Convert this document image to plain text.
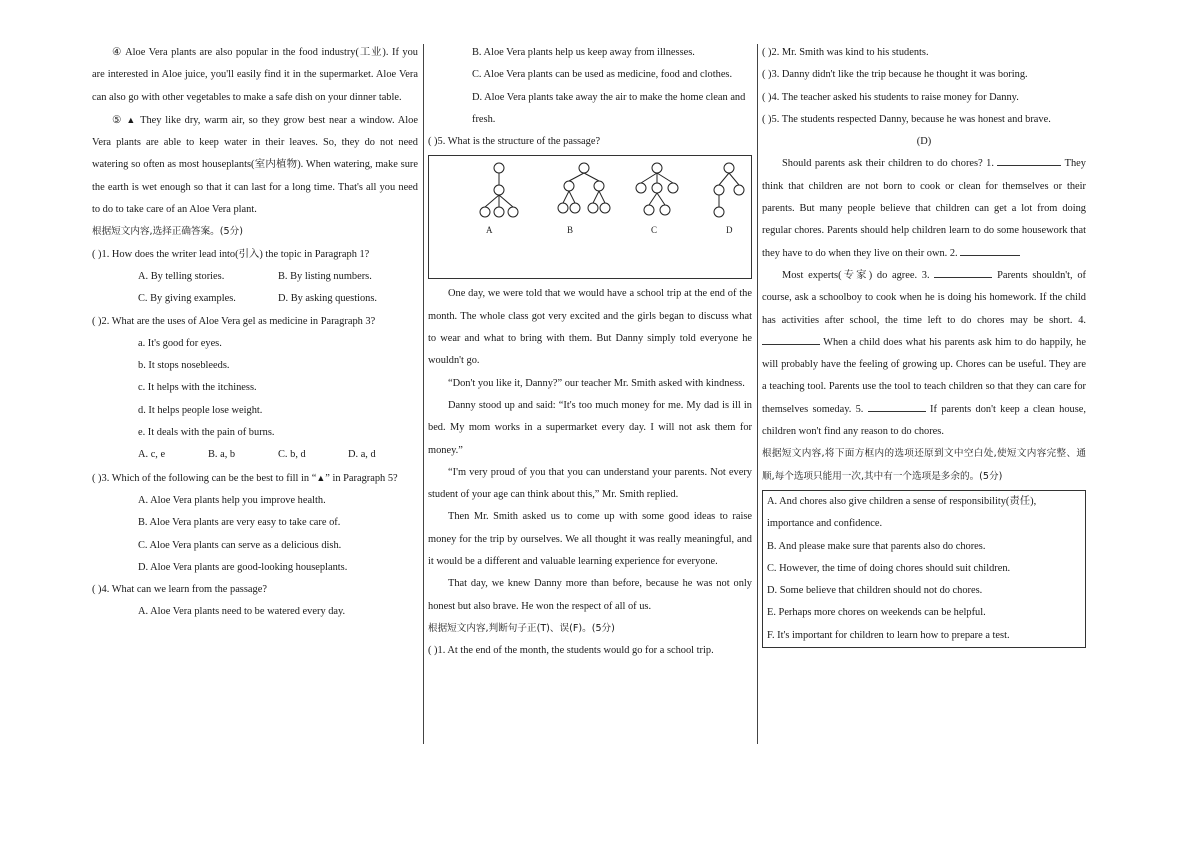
④ Aloe Vera plants are also popular in the food industry(工业). If you are interested in Aloe juice, you'll easily find it in the supermarket. Aloe Vera can also go with other vegetables to make a safe dish on your dinner table.

⑤ ▲ They like dry, warm air, so they grow best near a window. Aloe Vera plants are able to keep water in their leaves. So, they do not need watering so often as most houseplants(室内植物). When watering, make sure the earth is wet enough so that it can last for a long time. That's all you need to do to take care of an Aloe Vera plant.

根据短文内容,选择正确答案。(5分)

( )1. How does the writer lead into(引入) the topic in Paragraph 1?

A. By telling stories.	B. By listing numbers.
C. By giving examples.	D. By asking questions.

( )2. What are the uses of Aloe Vera gel as medicine in Paragraph 3?

a. It's good for eyes.

b. It stops nosebleeds.

c. It helps with the itchiness.

d. It helps people lose weight.

e. It deals with the pain of burns.

A. c, e	B. a, b	C. b, d	D. a, d

( )3. Which of the following can be the best to fill in “▲” in Paragraph 5?

A. Aloe Vera plants help you improve health.

B. Aloe Vera plants are very easy to take care of.

C. Aloe Vera plants can serve as a delicious dish.

D. Aloe Vera plants are good-looking houseplants.

( )4. What can we learn from the passage?

A. Aloe Vera plants need to be watered every day.

B. Aloe Vera plants help us keep away from illnesses.

C. Aloe Vera plants can be used as medicine, food and clothes.

D. Aloe Vera plants take away the air to make the home clean and fresh.

( )5. What is the structure of the passage?

A	B	C	D

One day, we were told that we would have a school trip at the end of the month. The whole class got very excited and the girls began to discuss what to wear and what to bring with them. But Danny simply told everyone he wouldn't go.

“Don't you like it, Danny?” our teacher Mr. Smith asked with kindness.

Danny stood up and said: “It's too much money for me. My dad is ill in bed. My mom works in a supermarket every day. I will not ask them for money.”

“I'm very proud of you that you can understand your parents. Not every student of your age can think about this,” Mr. Smith replied.

Then Mr. Smith asked us to come up with some good ideas to raise money for the trip by ourselves. We all thought it was really meaningful, and it would be a different and valuable learning experience for everyone.

That day, we knew Danny more than before, because he was not only honest but also brave. He won the respect of all of us.

根据短文内容,判断句子正(T)、误(F)。(5分)

( )1. At the end of the month, the students would go for a school trip.

( )2. Mr. Smith was kind to his students.

( )3. Danny didn't like the trip because he thought it was boring.

( )4. The teacher asked his students to raise money for Danny.

( )5. The students respected Danny, because he was honest and brave.

(D)

Should parents ask their children to do chores? 1.	They think that children are not born to cook or clean for themselves or their parents. But many people believe that children can get a lot from doing regular chores. Parents should help children learn to do some housework that they have to do when they live on their own. 2.

Most experts(专家) do agree. 3.	Parents shouldn't, of course, ask a schoolboy to cook when he is doing his homework. If the child has activities after school, the time left to do chores may be short. 4.  When a child does what his parents ask him to do happily, he will probably have the feeling of growing up. Chores can be useful. They are a teaching tool. Parents use the tool to teach children so that they can care for themselves someday. 5.	If parents don't keep a clean house, children won't find any reason to do chores.

根据短文内容,将下面方框内的选项还原到文中空白处,使短文内容完整、通顺,每个选项只能用一次,其中有一个选项是多余的。(5分)

A. And chores also give children a sense of responsibility(责任), importance and confidence.

B. And please make sure that parents also do chores.

C. However, the time of doing chores should suit children.

D. Some believe that children should not do chores.

E. Perhaps more chores on weekends can be helpful.

F. It's important for children to learn how to prepare a test.
